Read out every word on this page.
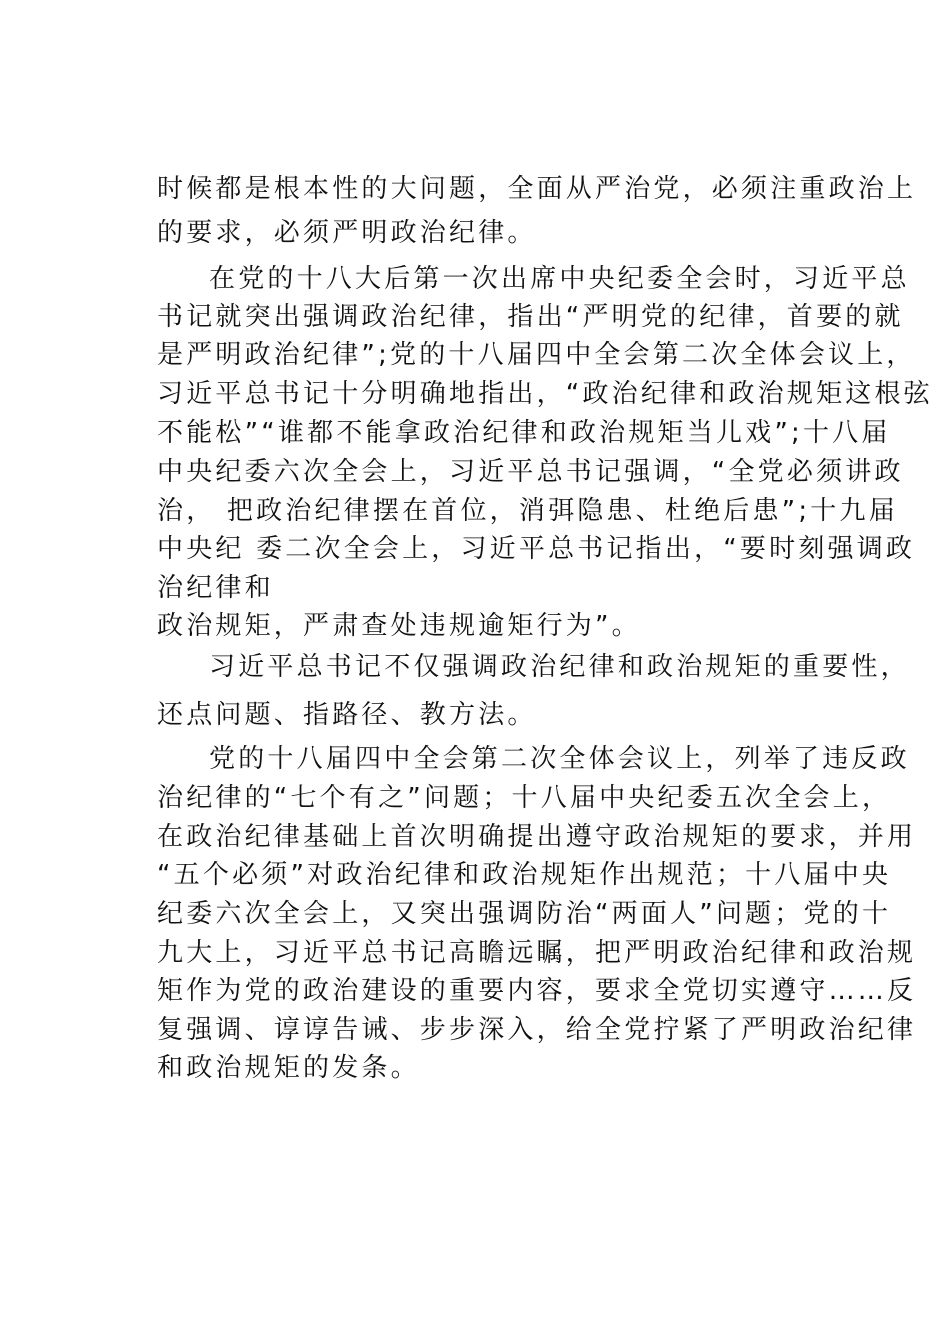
时候都是根本性的大问题，全面从严治党，必须注重政治上
的要求，必须严明政治纪律。
在党的十八大后第一次出席中央纪委全会时，习近平总
书记就突出强调政治纪律，指出“严明党的纪律，首要的就
是严明政治纪律”;党的十八届四中全会第二次全体会议上，
习近平总书记十分明确地指出，“政治纪律和政治规矩这根弦
不能松”“谁都不能拿政治纪律和政治规矩当儿戏”;十八届
中央纪委六次全会上，习近平总书记强调，“全党必须讲政
治， 把政治纪律摆在首位，消弭隐患、杜绝后患”;十九届
中央纪 委二次全会上，习近平总书记指出，“要时刻强调政
治纪律和
政治规矩，严肃查处违规逾矩行为”。
习近平总书记不仅强调政治纪律和政治规矩的重要性，
还点问题、指路径、教方法。
党的十八届四中全会第二次全体会议上，列举了违反政
治纪律的“七个有之”问题；十八届中央纪委五次全会上，
在政治纪律基础上首次明确提出遵守政治规矩的要求，并用
“五个必须”对政治纪律和政治规矩作出规范；十八届中央
纪委六次全会上，又突出强调防治“两面人”问题；党的十
九大上，习近平总书记高瞻远瞩，把严明政治纪律和政治规
矩作为党的政治建设的重要内容，要求全党切实遵守……反
复强调、谆谆告诫、步步深入，给全党拧紧了严明政治纪律
和政治规矩的发条。
